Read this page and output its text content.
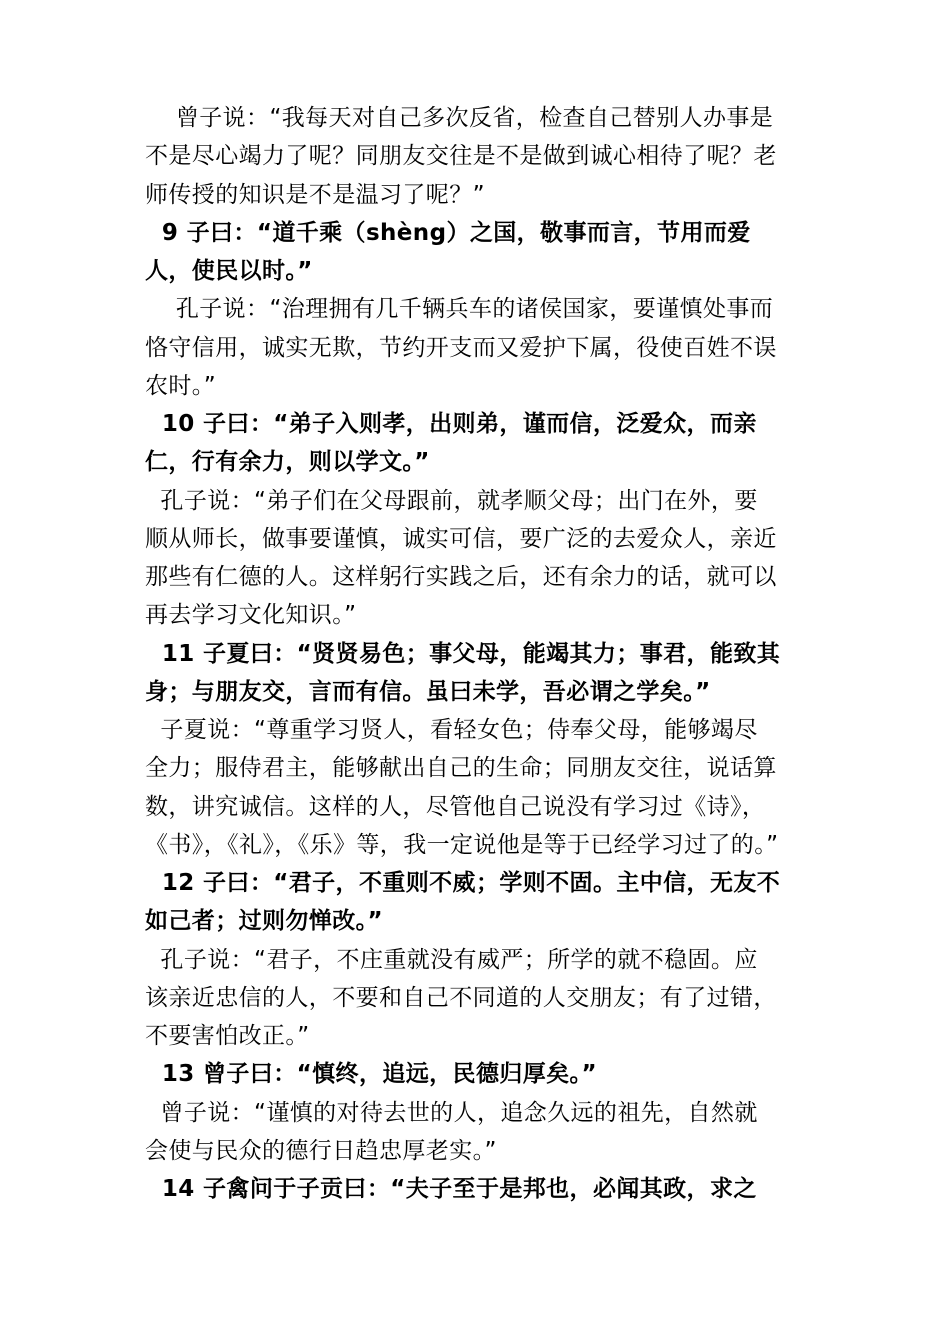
曾子说：“我每天对自己多次反省，检查自己替别人办事是
不是尽心竭力了呢？同朋友交往是不是做到诚心相待了呢？老
师传授的知识是不是温习了呢？”
9 子曰：“道千乘（shèng）之国，敬事而言，节用而爱
人，使民以时。”
孔子说：“治理拥有几千辆兵车的诸侯国家，要谨慎处事而
恪守信用，诚实无欺，节约开支而又爱护下属，役使百姓不误
农时。”
10 子曰：“弟子入则孝，出则弟，谨而信，泛爱众，而亲
仁，行有余力，则以学文。”
孔子说：“弟子们在父母跟前，就孝顺父母；出门在外，要
顺从师长，做事要谨慎，诚实可信，要广泛的去爱众人，亲近
那些有仁德的人。这样躬行实践之后，还有余力的话，就可以
再去学习文化知识。”
11 子夏曰：“贤贤易色；事父母，能竭其力；事君，能致其
身；与朋友交，言而有信。虽曰未学，吾必谓之学矣。”
子夏说：“尊重学习贤人，看轻女色；侍奉父母，能够竭尽
全力；服侍君主，能够献出自己的生命；同朋友交往，说话算
数，讲究诚信。这样的人，尽管他自己说没有学习过《诗》，
《书》，《礼》，《乐》等，我一定说他是等于已经学习过了的。”
12 子曰：“君子，不重则不威；学则不固。主中信，无友不
如己者；过则勿惮改。”
孔子说：“君子，不庄重就没有威严；所学的就不稳固。应
该亲近忠信的人，不要和自己不同道的人交朋友；有了过错，
不要害怕改正。”
13 曾子曰：“慎终，追远，民德归厚矣。”
曾子说：“谨慎的对待去世的人，追念久远的祖先，自然就
会使与民众的德行日趋忠厚老实。”
14 子禽问于子贡曰：“夫子至于是邦也，必闻其政，求之
